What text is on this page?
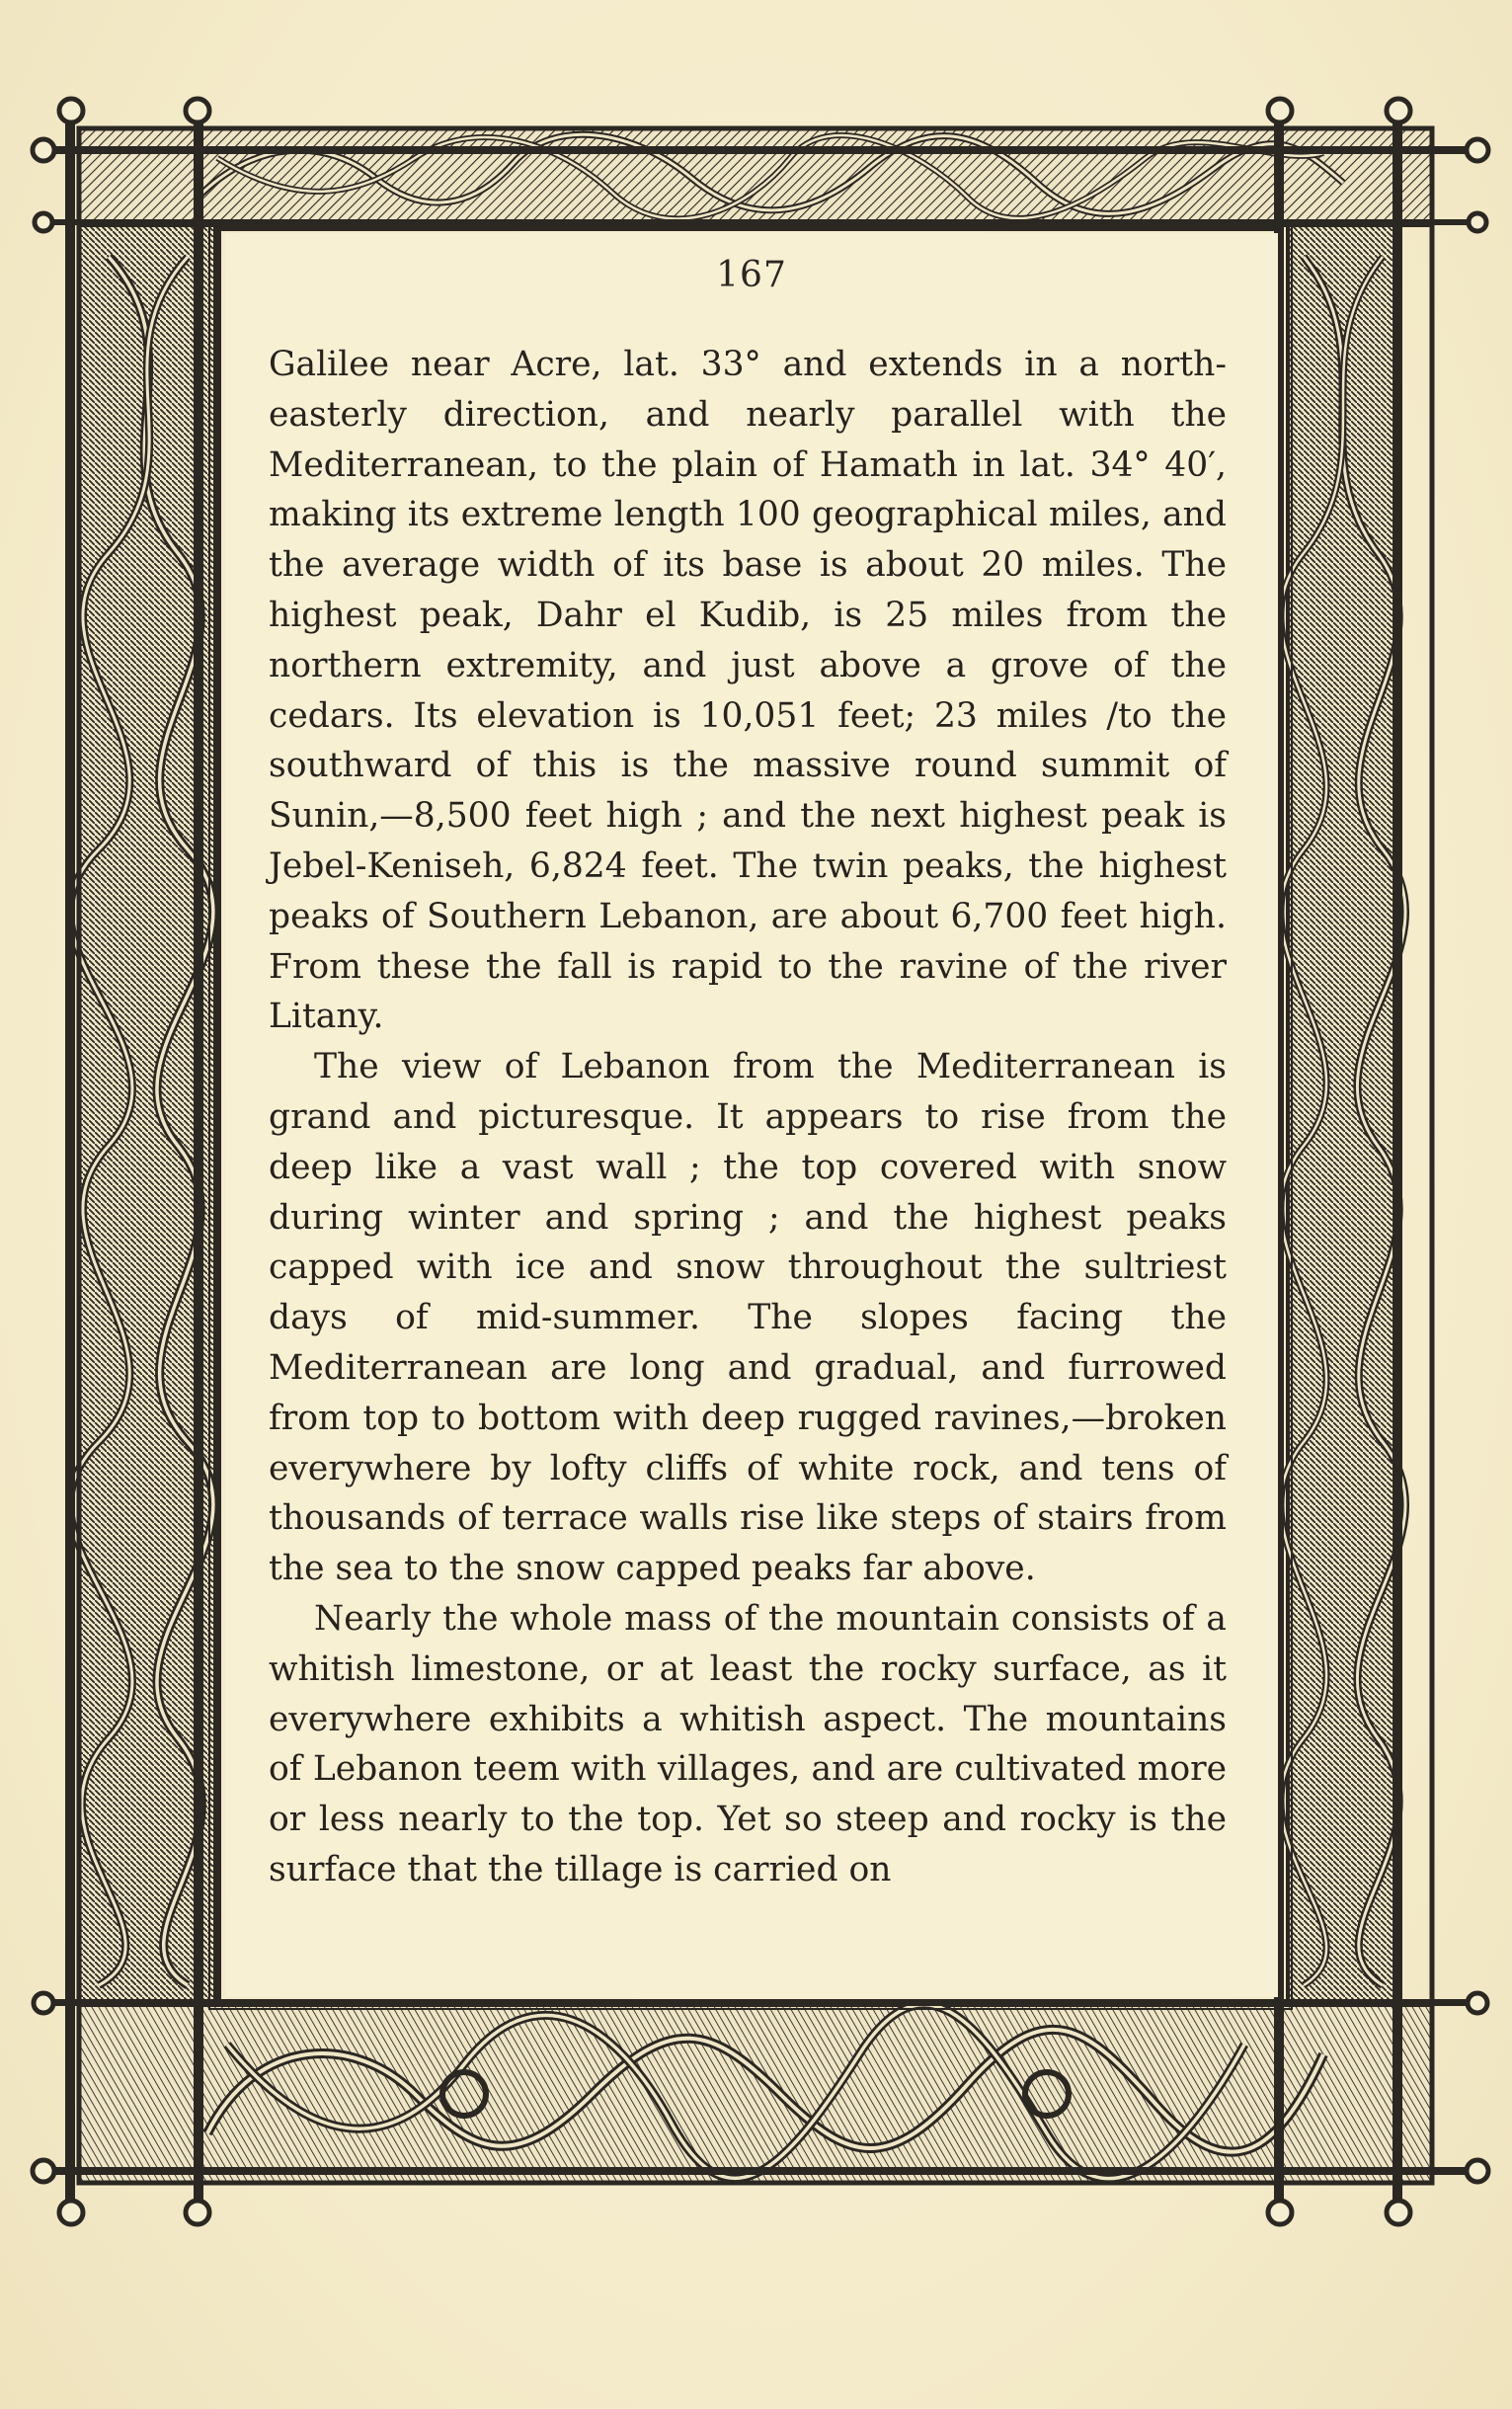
167

Galilee near Acre, lat. 33° and extends in a north-easterly direction, and nearly parallel with the Mediterranean, to the plain of Hamath in lat. 34° 40′, making its extreme length 100 geographical miles, and the average width of its base is about 20 miles. The highest peak, Dahr el Kudib, is 25 miles from the northern extremity, and just above a grove of the cedars. Its elevation is 10,051 feet; 23 miles /to the southward of this is the massive round summit of Sunin,—8,500 feet high ; and the next highest peak is Jebel-Keniseh, 6,824 feet. The twin peaks, the highest peaks of Southern Lebanon, are about 6,700 feet high. From these the fall is rapid to the ravine of the river Litany.

The view of Lebanon from the Mediterranean is grand and picturesque. It appears to rise from the deep like a vast wall ; the top covered with snow during winter and spring ; and the highest peaks capped with ice and snow throughout the sultriest days of mid-summer. The slopes facing the Mediterranean are long and gradual, and furrowed from top to bottom with deep rugged ravines,—broken everywhere by lofty cliffs of white rock, and tens of thousands of terrace walls rise like steps of stairs from the sea to the snow capped peaks far above.

Nearly the whole mass of the mountain consists of a whitish limestone, or at least the rocky surface, as it everywhere exhibits a whitish aspect. The mountains of Lebanon teem with villages, and are cultivated more or less nearly to the top. Yet so steep and rocky is the surface that the tillage is carried on
